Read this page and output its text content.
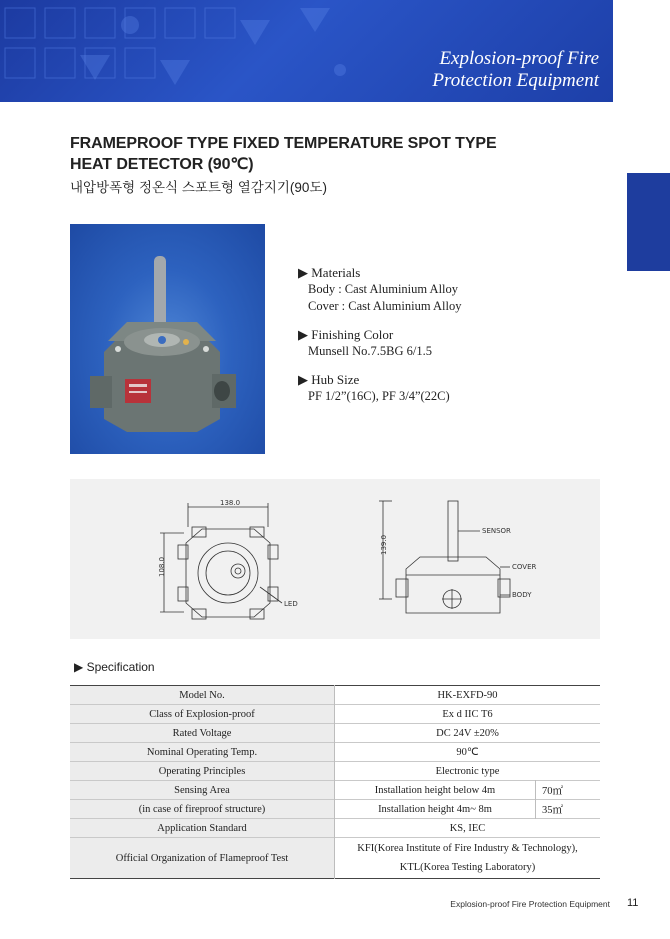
Explosion-proof Fire
Protection Equipment
FRAMEPROOF TYPE FIXED TEMPERATURE SPOT TYPE
HEAT DETECTOR (90℃)
내압방폭형 정온식 스포트형 열감지기(90도)
▶ Materials
Body : Cast Aluminium Alloy
Cover : Cast Aluminium Alloy
▶ Finishing Color
Munsell No.7.5BG 6/1.5
▶ Hub Size
PF 1/2”(16C), PF 3/4”(22C)
138.0
108.0
LED
139.0
SENSOR
COVER
BODY
▶ Specification
Model No.	HK-EXFD-90	
Class of Explosion-proof	Ex d IIC T6	
Rated Voltage	DC 24V ±20%	
Nominal Operating Temp.	90℃	
Operating Principles	Electronic type	
Sensing Area	Installation height below 4m	70㎡
(in case of fireproof structure)	Installation height 4m~ 8m	35㎡
Application Standard	KS, IEC	
Official Organization of Flameproof Test	KFI(Korea Institute of Fire Industry & Technology),
KTL(Korea Testing Laboratory)	
Explosion-proof Fire Protection Equipment 11
